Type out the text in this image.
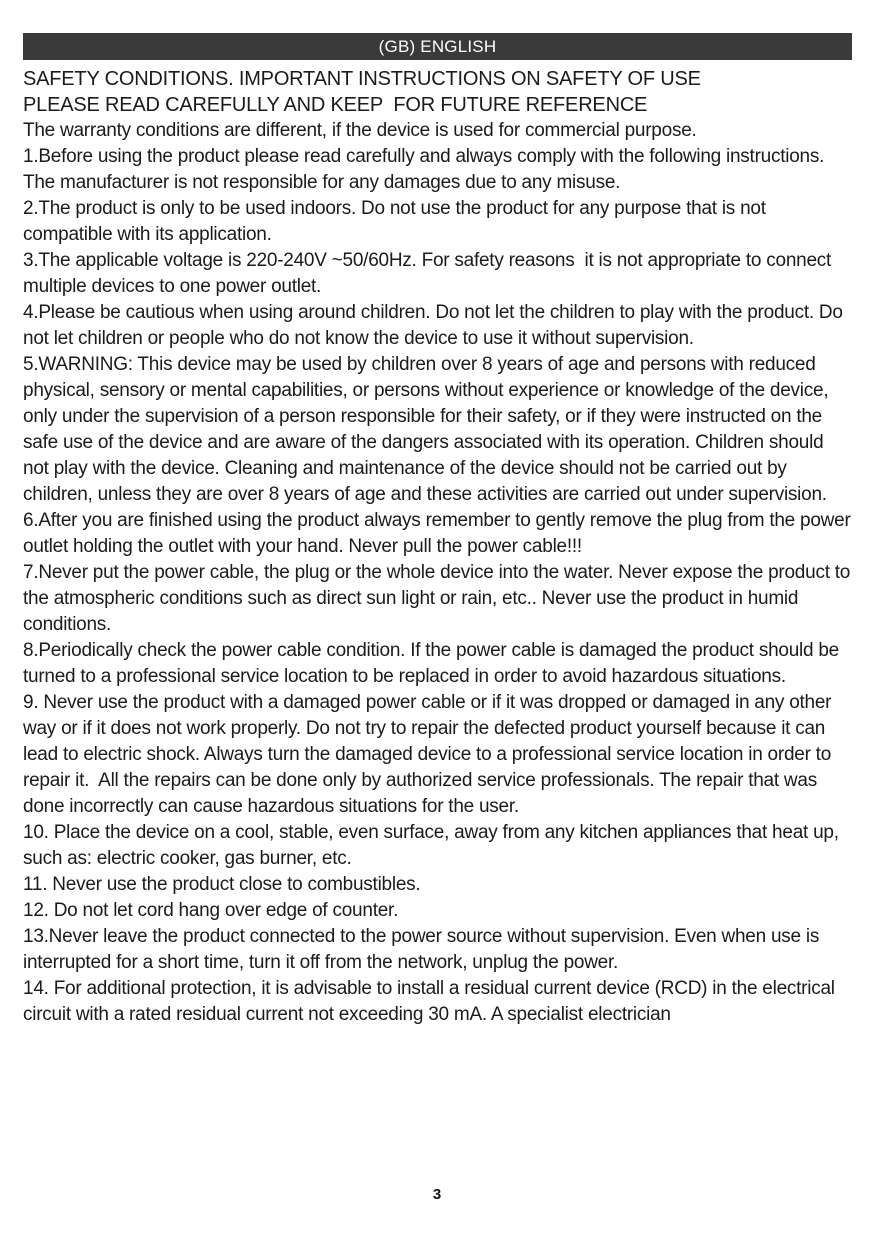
(GB) ENGLISH
SAFETY CONDITIONS. IMPORTANT INSTRUCTIONS ON SAFETY OF USE
PLEASE READ CAREFULLY AND KEEP  FOR FUTURE REFERENCE

The warranty conditions are different, if the device is used for commercial purpose.

1.Before using the product please read carefully and always comply with the following instructions. The manufacturer is not responsible for any damages due to any misuse.

2.The product is only to be used indoors. Do not use the product for any purpose that is not compatible with its application.

3.The applicable voltage is 220-240V ~50/60Hz. For safety reasons  it is not appropriate to connect multiple devices to one power outlet.

4.Please be cautious when using around children. Do not let the children to play with the product. Do not let children or people who do not know the device to use it without supervision.

5.WARNING: This device may be used by children over 8 years of age and persons with reduced physical, sensory or mental capabilities, or persons without experience or knowledge of the device, only under the supervision of a person responsible for their safety, or if they were instructed on the safe use of the device and are aware of the dangers associated with its operation. Children should not play with the device. Cleaning and maintenance of the device should not be carried out by children, unless they are over 8 years of age and these activities are carried out under supervision.

6.After you are finished using the product always remember to gently remove the plug from the power outlet holding the outlet with your hand. Never pull the power cable!!!

7.Never put the power cable, the plug or the whole device into the water. Never expose the product to the atmospheric conditions such as direct sun light or rain, etc.. Never use the product in humid conditions.

8.Periodically check the power cable condition. If the power cable is damaged the product should be turned to a professional service location to be replaced in order to avoid hazardous situations.

9. Never use the product with a damaged power cable or if it was dropped or damaged in any other way or if it does not work properly. Do not try to repair the defected product yourself because it can lead to electric shock. Always turn the damaged device to a professional service location in order to repair it.  All the repairs can be done only by authorized service professionals. The repair that was done incorrectly can cause hazardous situations for the user.

10. Place the device on a cool, stable, even surface, away from any kitchen appliances that heat up, such as: electric cooker, gas burner, etc.

11. Never use the product close to combustibles.

12. Do not let cord hang over edge of counter.

13.Never leave the product connected to the power source without supervision. Even when use is interrupted for a short time, turn it off from the network, unplug the power.

14. For additional protection, it is advisable to install a residual current device (RCD) in the electrical circuit with a rated residual current not exceeding 30 mA. A specialist electrician

3
